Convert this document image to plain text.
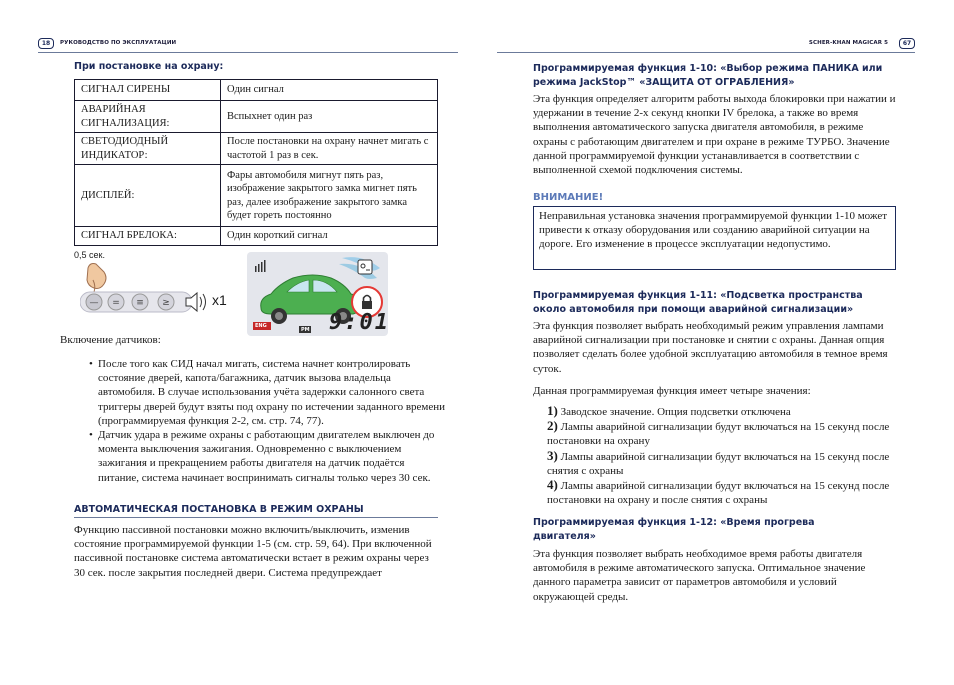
18	РУКОВОДСТВО ПО ЭКСПЛУАТАЦИИ
При постановке на охрану:
СИГНАЛ СИРЕНЫ	Один сигнал
АВАРИЙНАЯ СИГНАЛИЗАЦИЯ:	Вспыхнет один раз
СВЕТОДИОДНЫЙ ИНДИКАТОР:	После постановки на охрану начнет мигать с частотой 1 раз в сек.
ДИСПЛЕЙ:	Фары автомобиля мигнут пять раз, изображение закрытого замка мигнет пять раз, далее изображение закрытого замка будет гореть постоянно
СИГНАЛ БРЕЛОКА:	Один короткий сигнал
0,5 сек.
— = ≡ ≥	x1
ENG
PM 9:01
Включение датчиков:
• После того как СИД начал мигать, система начнет контролировать состояние дверей, капота/багажника, датчик вызова владельца автомобиля. В случае использования учёта задержки салонного света триггеры дверей будут взяты под охрану по истечении заданного времени (программируемая функция 2-2, см. стр. 74, 77).
• Датчик удара в режиме охраны с работающим двигателем выключен до момента выключения зажигания. Одновременно с выключением зажигания и прекращением работы двигателя на датчик подаётся питание, система начинает воспринимать сигналы только через 30 сек.
АВТОМАТИЧЕСКАЯ ПОСТАНОВКА В РЕЖИМ ОХРАНЫ
Функцию пассивной постановки можно включить/выключить, изменив состояние программируемой функции 1-5 (см. стр. 59, 64). При включенной пассивной постановке система автоматически встает в режим охраны через 30 сек. после закрытия последней двери. Система предупреждает
SCHER-KHAN MAGICAR 5	67
Программируемая функция 1-10: «Выбор режима ПАНИКА или режима JackStop™ «ЗАЩИТА ОТ ОГРАБЛЕНИЯ»
Эта функция определяет алгоритм работы выхода блокировки при нажатии и удержании в течение 2-х секунд кнопки IV брелока, а также во время выполнения автоматического запуска двигателя автомобиля, в режиме охраны с работающим двигателем и при охране в режиме ТУРБО. Значение данной программируемой функции устанавливается в соответствии с выполненной схемой подключения системы.
ВНИМАНИЕ!
Неправильная установка значения программируемой функции 1-10 может привести к отказу оборудования или созданию аварийной ситуации на дороге. Его изменение в процессе эксплуатации недопустимо.
Программируемая функция 1-11: «Подсветка пространства около автомобиля при помощи аварийной сигнализации»
Эта функция позволяет выбрать необходимый режим управления лампами аварийной сигнализации при постановке и снятии с охраны. Данная опция позволяет сделать более удобной эксплуатацию автомобиля в темное время суток.
Данная программируемая функция имеет четыре значения:
1) Заводское значение. Опция подсветки отключена
2) Лампы аварийной сигнализации будут включаться на 15 секунд после постановки на охрану
3) Лампы аварийной сигнализации будут включаться на 15 секунд после снятия с охраны
4) Лампы аварийной сигнализации будут включаться на 15 секунд после постановки на охрану и после снятия с охраны
Программируемая функция 1-12: «Время прогрева двигателя»
Эта функция позволяет выбрать необходимое время работы двигателя автомобиля в режиме автоматического запуска. Оптимальное значение данного параметра зависит от параметров автомобиля и условий окружающей среды.
